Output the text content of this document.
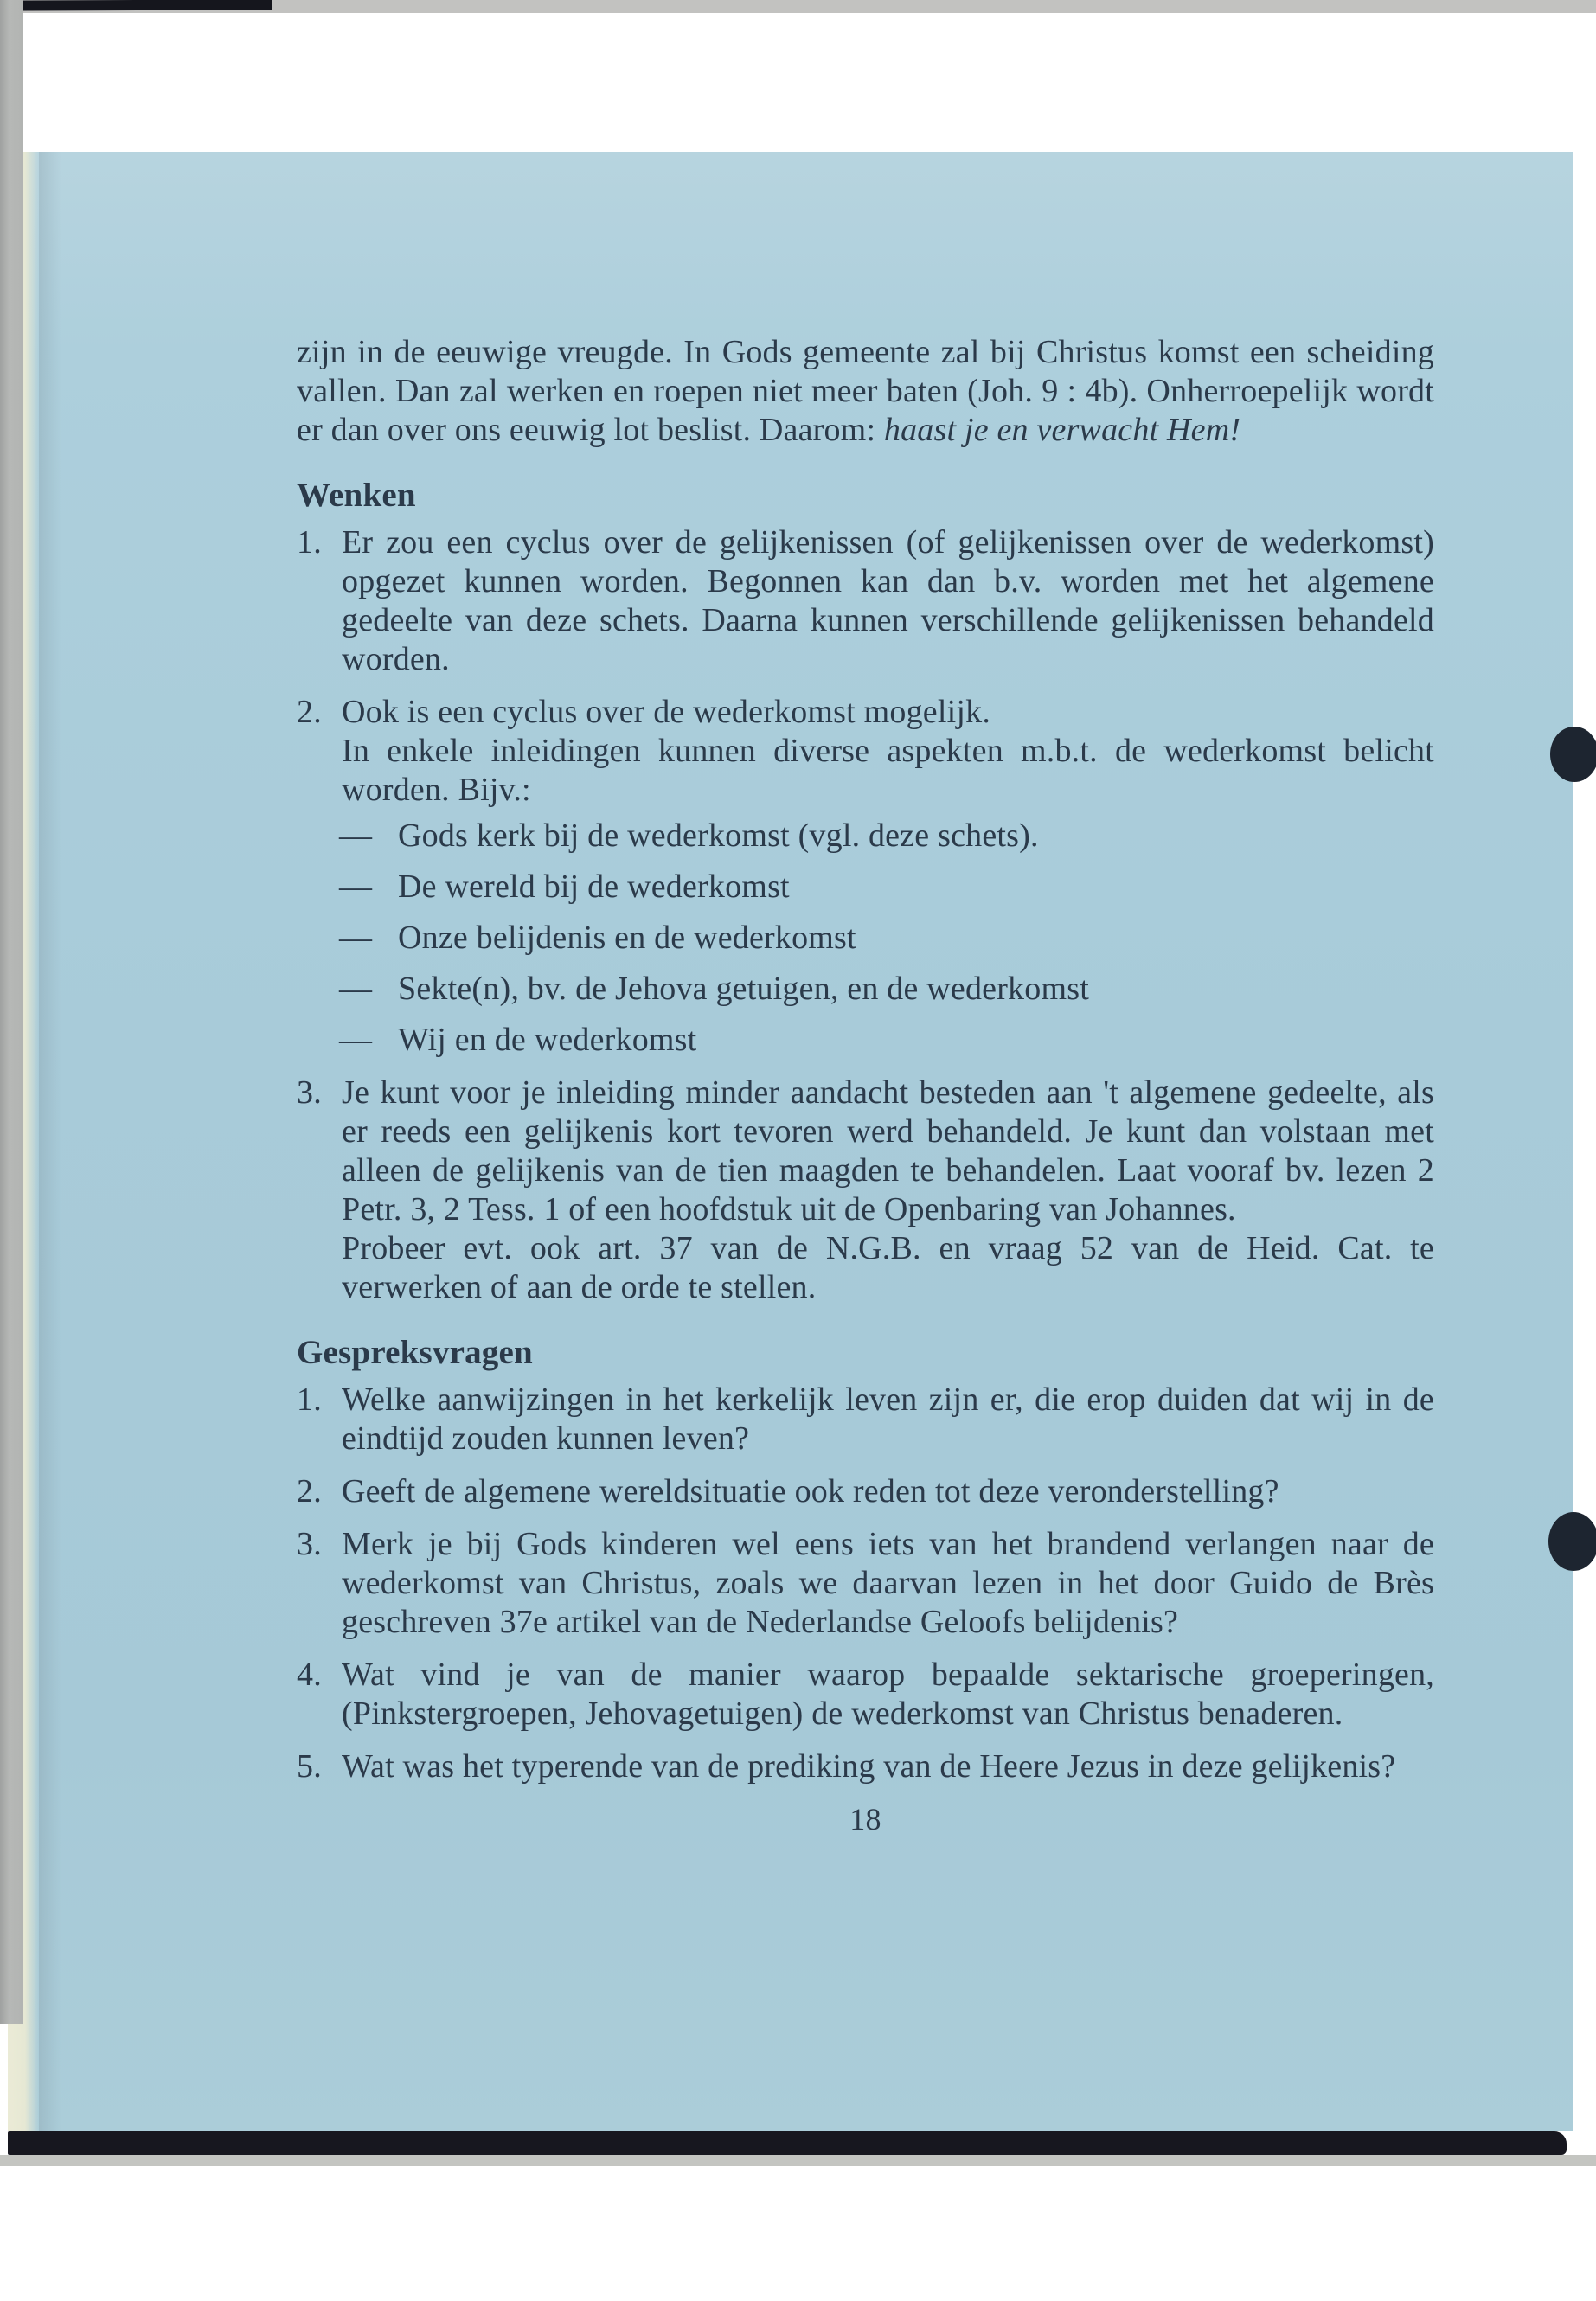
zijn in de eeuwige vreugde. In Gods gemeente zal bij Christus komst een scheiding vallen. Dan zal werken en roepen niet meer baten (Joh. 9 : 4b). Onherroepelijk wordt er dan over ons eeuwig lot beslist. Daarom: haast je en verwacht Hem!
Wenken
1. Er zou een cyclus over de gelijkenissen (of gelijkenissen over de wederkomst) opgezet kunnen worden. Begonnen kan dan b.v. worden met het algemene gedeelte van deze schets. Daarna kunnen verschillende gelijkenissen behandeld worden.
2. Ook is een cyclus over de wederkomst mogelijk.
In enkele inleidingen kunnen diverse aspekten m.b.t. de wederkomst belicht worden. Bijv.:
— Gods kerk bij de wederkomst (vgl. deze schets).
— De wereld bij de wederkomst
— Onze belijdenis en de wederkomst
— Sekte(n), bv. de Jehova getuigen, en de wederkomst
— Wij en de wederkomst
3. Je kunt voor je inleiding minder aandacht besteden aan 't algemene gedeelte, als er reeds een gelijkenis kort tevoren werd behandeld. Je kunt dan volstaan met alleen de gelijkenis van de tien maagden te behandelen. Laat vooraf bv. lezen 2 Petr. 3, 2 Tess. 1 of een hoofdstuk uit de Openbaring van Johannes.
Probeer evt. ook art. 37 van de N.G.B. en vraag 52 van de Heid. Cat. te verwerken of aan de orde te stellen.
Gespreksvragen
1. Welke aanwijzingen in het kerkelijk leven zijn er, die erop duiden dat wij in de eindtijd zouden kunnen leven?
2. Geeft de algemene wereldsituatie ook reden tot deze veronderstelling?
3. Merk je bij Gods kinderen wel eens iets van het brandend verlangen naar de wederkomst van Christus, zoals we daarvan lezen in het door Guido de Brès geschreven 37e artikel van de Nederlandse Geloofs belijdenis?
4. Wat vind je van de manier waarop bepaalde sektarische groeperingen, (Pinkstergroepen, Jehovagetuigen) de wederkomst van Christus benaderen.
5. Wat was het typerende van de prediking van de Heere Jezus in deze gelijkenis?
18
